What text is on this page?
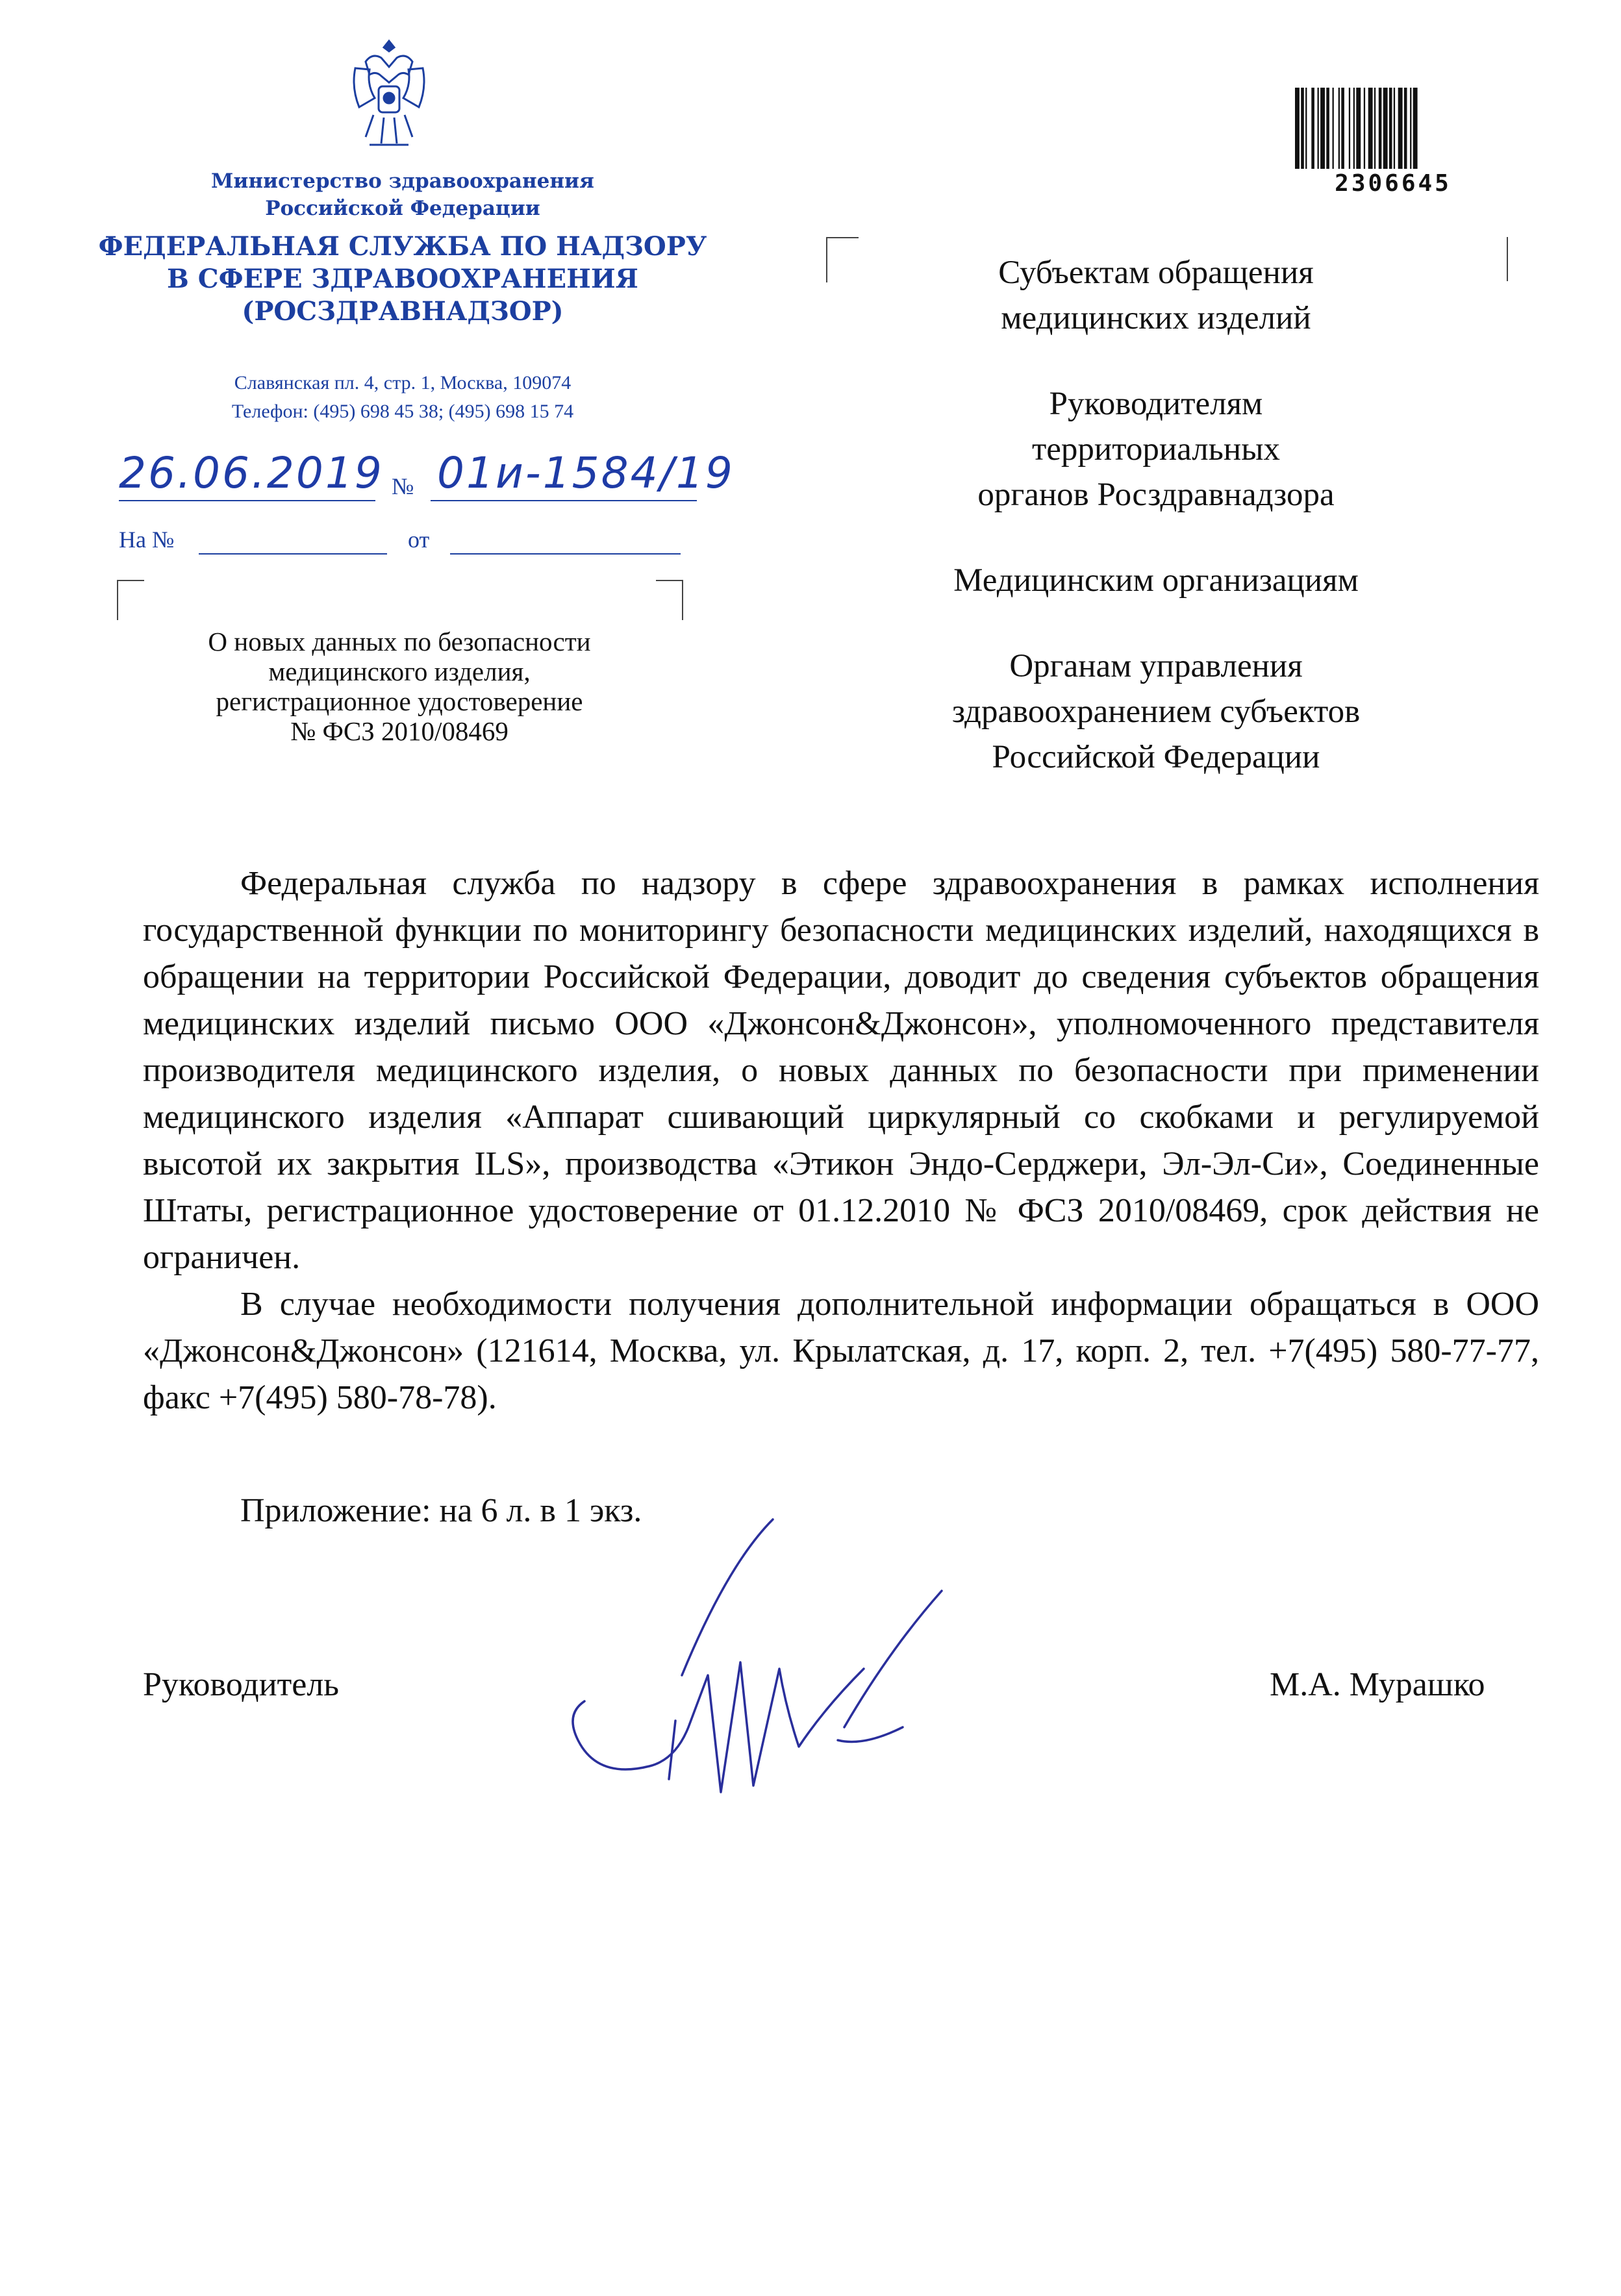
Министерство здравоохранения
Российской Федерации
ФЕДЕРАЛЬНАЯ СЛУЖБА ПО НАДЗОРУ
В СФЕРЕ ЗДРАВООХРАНЕНИЯ
(РОСЗДРАВНАДЗОР)
Славянская пл. 4, стр. 1, Москва, 109074
Телефон: (495) 698 45 38; (495) 698 15 74
26.06.2019 № 01и-1584/19
На №	от
О новых данных по безопасности
медицинского изделия,
регистрационное удостоверение
№ ФСЗ 2010/08469
2306645
Субъектам обращения
медицинских изделий
Руководителям
территориальных
органов Росздравнадзора
Медицинским организациям
Органам управления
здравоохранением субъектов
Российской Федерации

Федеральная служба по надзору в сфере здравоохранения в рамках исполнения государственной функции по мониторингу безопасности медицинских изделий, находящихся в обращении на территории Российской Федерации, доводит до сведения субъектов обращения медицинских изделий письмо ООО «Джонсон&Джонсон», уполномоченного представителя производителя медицинского изделия, о новых данных по безопасности при применении медицинского изделия «Аппарат сшивающий циркулярный со скобками и регулируемой высотой их закрытия ILS», производства «Этикон Эндо-Серджери, Эл-Эл-Си», Соединенные Штаты, регистрационное удостоверение от 01.12.2010 № ФСЗ 2010/08469, срок действия не ограничен.

В случае необходимости получения дополнительной информации обращаться в ООО «Джонсон&Джонсон» (121614, Москва, ул. Крылатская, д. 17, корп. 2, тел. +7(495) 580-77-77, факс +7(495) 580-78-78).

Приложение: на 6 л. в 1 экз.
Руководитель	М.А. Мурашко
